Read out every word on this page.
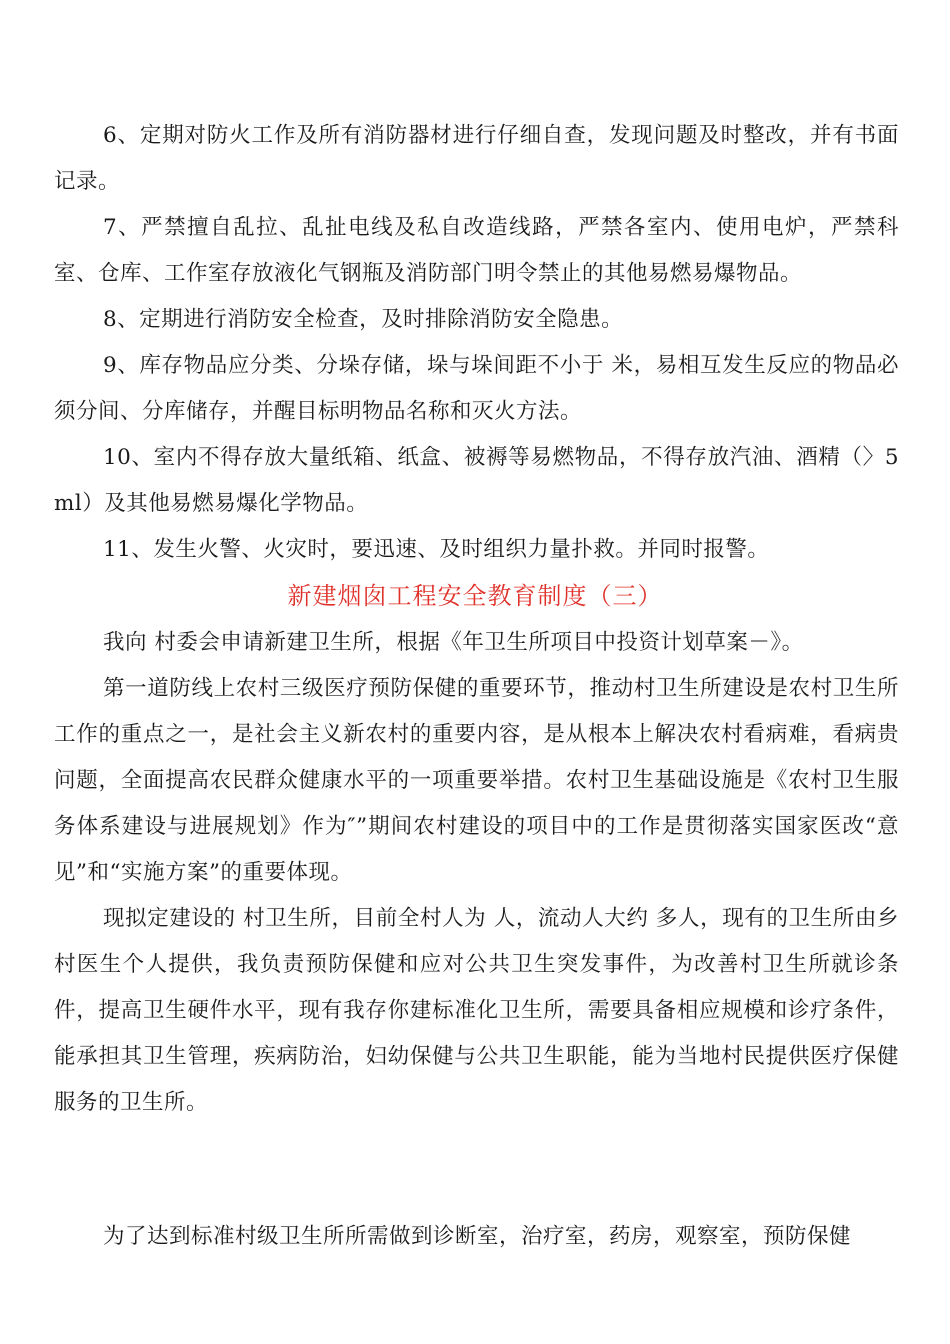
6、定期对防火工作及所有消防器材进行仔细自查，发现问题及时整改，并有书面记录。

7、严禁擅自乱拉、乱扯电线及私自改造线路，严禁各室内、使用电炉，严禁科室、仓库、工作室存放液化气钢瓶及消防部门明令禁止的其他易燃易爆物品。

8、定期进行消防安全检查，及时排除消防安全隐患。

9、库存物品应分类、分垛存储，垛与垛间距不小于 米，易相互发生反应的物品必须分间、分库储存，并醒目标明物品名称和灭火方法。

10、室内不得存放大量纸箱、纸盒、被褥等易燃物品，不得存放汽油、酒精（〉5ml）及其他易燃易爆化学物品。

11、发生火警、火灾时，要迅速、及时组织力量扑救。并同时报警。

新建烟囱工程安全教育制度（三）

我向 村委会申请新建卫生所，根据《年卫生所项目中投资计划草案－》。

第一道防线上农村三级医疗预防保健的重要环节，推动村卫生所建设是农村卫生所工作的重点之一，是社会主义新农村的重要内容，是从根本上解决农村看病难，看病贵问题，全面提高农民群众健康水平的一项重要举措。农村卫生基础设施是《农村卫生服务体系建设与进展规划》作为″”期间农村建设的项目中的工作是贯彻落实国家医改“意见”和“实施方案”的重要体现。

现拟定建设的 村卫生所，目前全村人为 人，流动人大约 多人，现有的卫生所由乡村医生个人提供，我负责预防保健和应对公共卫生突发事件，为改善村卫生所就诊条件，提高卫生硬件水平，现有我存你建标准化卫生所，需要具备相应规模和诊疗条件，能承担其卫生管理，疾病防治，妇幼保健与公共卫生职能，能为当地村民提供医疗保健服务的卫生所。

为了达到标准村级卫生所所需做到诊断室，治疗室，药房，观察室，预防保健
